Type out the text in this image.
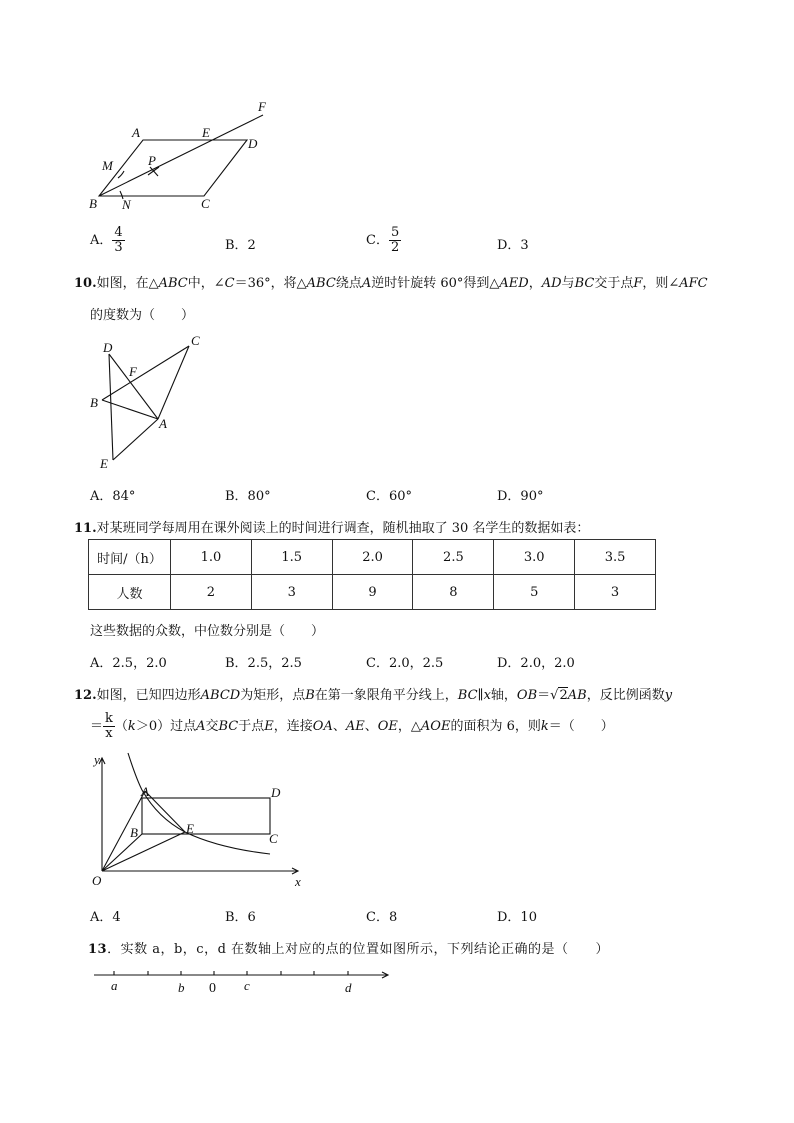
A	E
D
F
M	P
B N	C
A． $\frac{4}{3}$	B．2	C． $\frac{5}{2}$	D．3
10.如图，在△ABC中，∠C＝36°，将△ABC绕点A逆时针旋转 60°得到△AED，AD与BC交于点F，则∠AFC
的度数为（　　）
D	C
F
B
A
E
A．84°	B．80°	C．60°	D．90°
11.对某班同学每周用在课外阅读上的时间进行调查，随机抽取了 30 名学生的数据如表：
时间/（h）	1.0	1.5	2.0	2.5	3.0	3.5
人数	2	3	9	8	5	3
这些数据的众数，中位数分别是（　　）
A．2.5，2.0	B．2.5，2.5	C．2.0，2.5	D．2.0，2.0
12.如图，已知四边形ABCD为矩形，点B在第一象限角平分线上，BC∥x轴，OB＝√2AB，反比例函数y
＝ $\frac{k}{x} (k>0)$过点A交BC于点E，连接OA、AE、OE，△AOE的面积为 6，则k＝（　　）
y
A	D
B	E
C
O	x
A．4	B．6	C．8	D．10
13．实数 a，b，c，d 在数轴上对应的点的位置如图所示，下列结论正确的是（　　）
a	b 0 c	d
